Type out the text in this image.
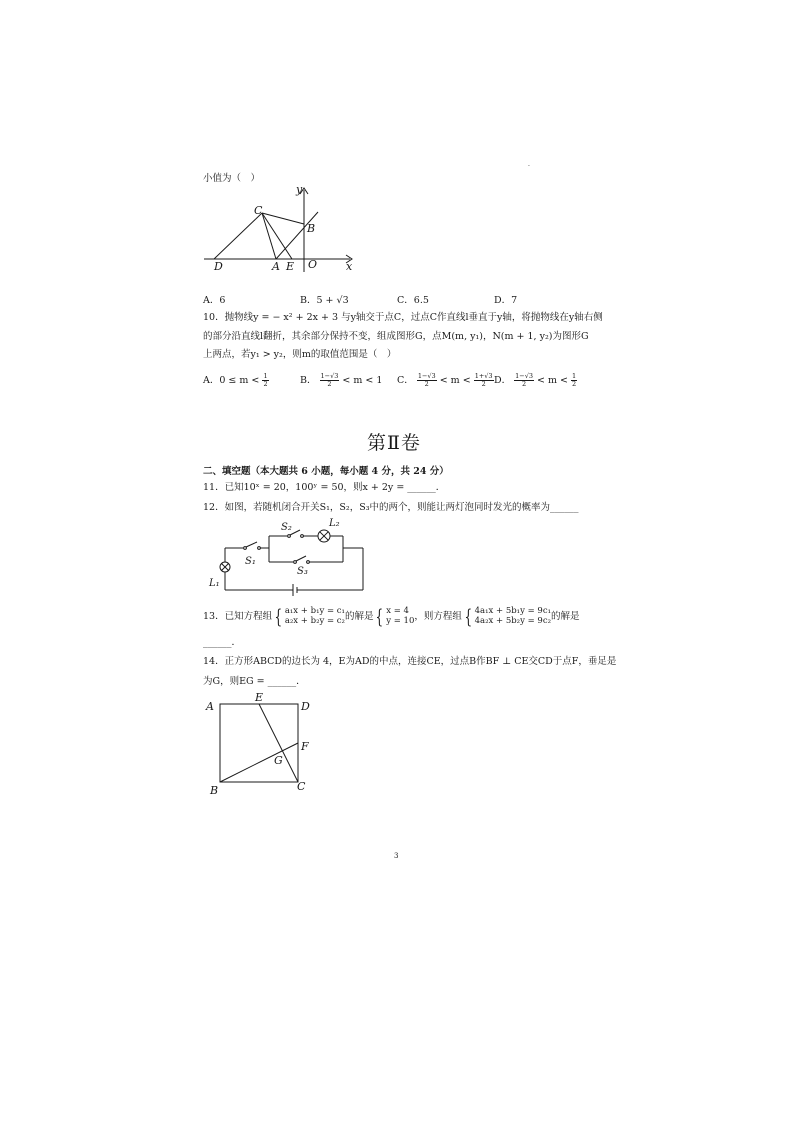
.
小值为（　）
y
x
C
B
D	A E O
A．6	B．5 + √3	C．6.5	D．7
10．抛物线y = − x² + 2x + 3 与y轴交于点C，过点C作直线l垂直于y轴，将抛物线在y轴右侧
的部分沿直线l翻折，其余部分保持不变，组成图形G，点M(m, y₁)，N(m + 1, y₂)为图形G
上两点，若y₁ > y₂，则m的取值范围是（　）
A．$0 \le m < \frac{1}{2}$	B． $\frac{1-√3}{2} < m < 1$ C． $\frac{1-√3}{2} < m < \frac{1+√3}{2}$ D． $\frac{1-√3}{2} < m < \frac{1}{2}$
第Ⅱ卷
二、填空题（本大题共 6 小题，每小题 4 分，共 24 分）
11．已知10ˣ = 20，100ʸ = 50，则x + 2y = ______．
12．如图，若随机闭合开关S₁，S₂，S₃中的两个，则能让两灯泡同时发光的概率为______
S₁
S₂
S₃
L₁
L₂
13．已知方程组 { a₁x + b₁y = c₁
a₂x + b₂y = c₂ 的解是 { x = 4
y = 10 ，则方程组 { 4a₁x + 5b₁y = 9c₁
4a₂x + 5b₂y = 9c₂ 的解是
______．
14．正方形ABCD的边长为 4，E为AD的中点，连接CE，过点B作BF ⊥ CE交CD于点F，垂足是
为G，则EG = ______．
A	D
E
F
G
B	C
3
